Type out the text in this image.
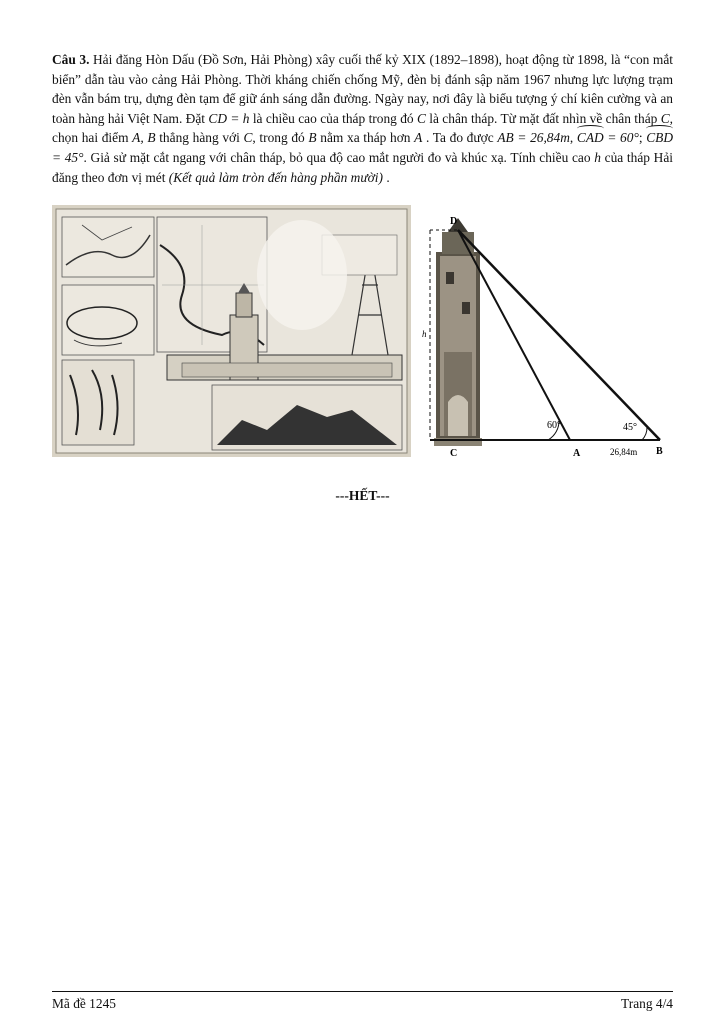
Câu 3. Hải đăng Hòn Dấu (Đồ Sơn, Hải Phòng) xây cuối thế kỷ XIX (1892–1898), hoạt động từ 1898, là “con mắt biển” dẫn tàu vào cảng Hải Phòng. Thời kháng chiến chống Mỹ, đèn bị đánh sập năm 1967 nhưng lực lượng trạm đèn vẫn bám trụ, dựng đèn tạm để giữ ánh sáng dẫn đường. Ngày nay, nơi đây là biểu tượng ý chí kiên cường và an toàn hàng hải Việt Nam. Đặt CD = h là chiều cao của tháp trong đó C là chân tháp. Từ mặt đất nhìn về chân tháp C, chọn hai điểm A, B thẳng hàng với C, trong đó B nằm xa tháp hơn A . Ta đo được AB = 26,84m, CAD = 60°; CBD = 45°. Giả sử mặt cắt ngang với chân tháp, bỏ qua độ cao mắt người đo và khúc xạ. Tính chiều cao h của tháp Hải đăng theo đơn vị mét (Kết quả làm tròn đến hàng phần mười) .
D
C	A	B
h
60°	45°
26,84m
---HẾT---
Mã đề 1245	Trang 4/4
